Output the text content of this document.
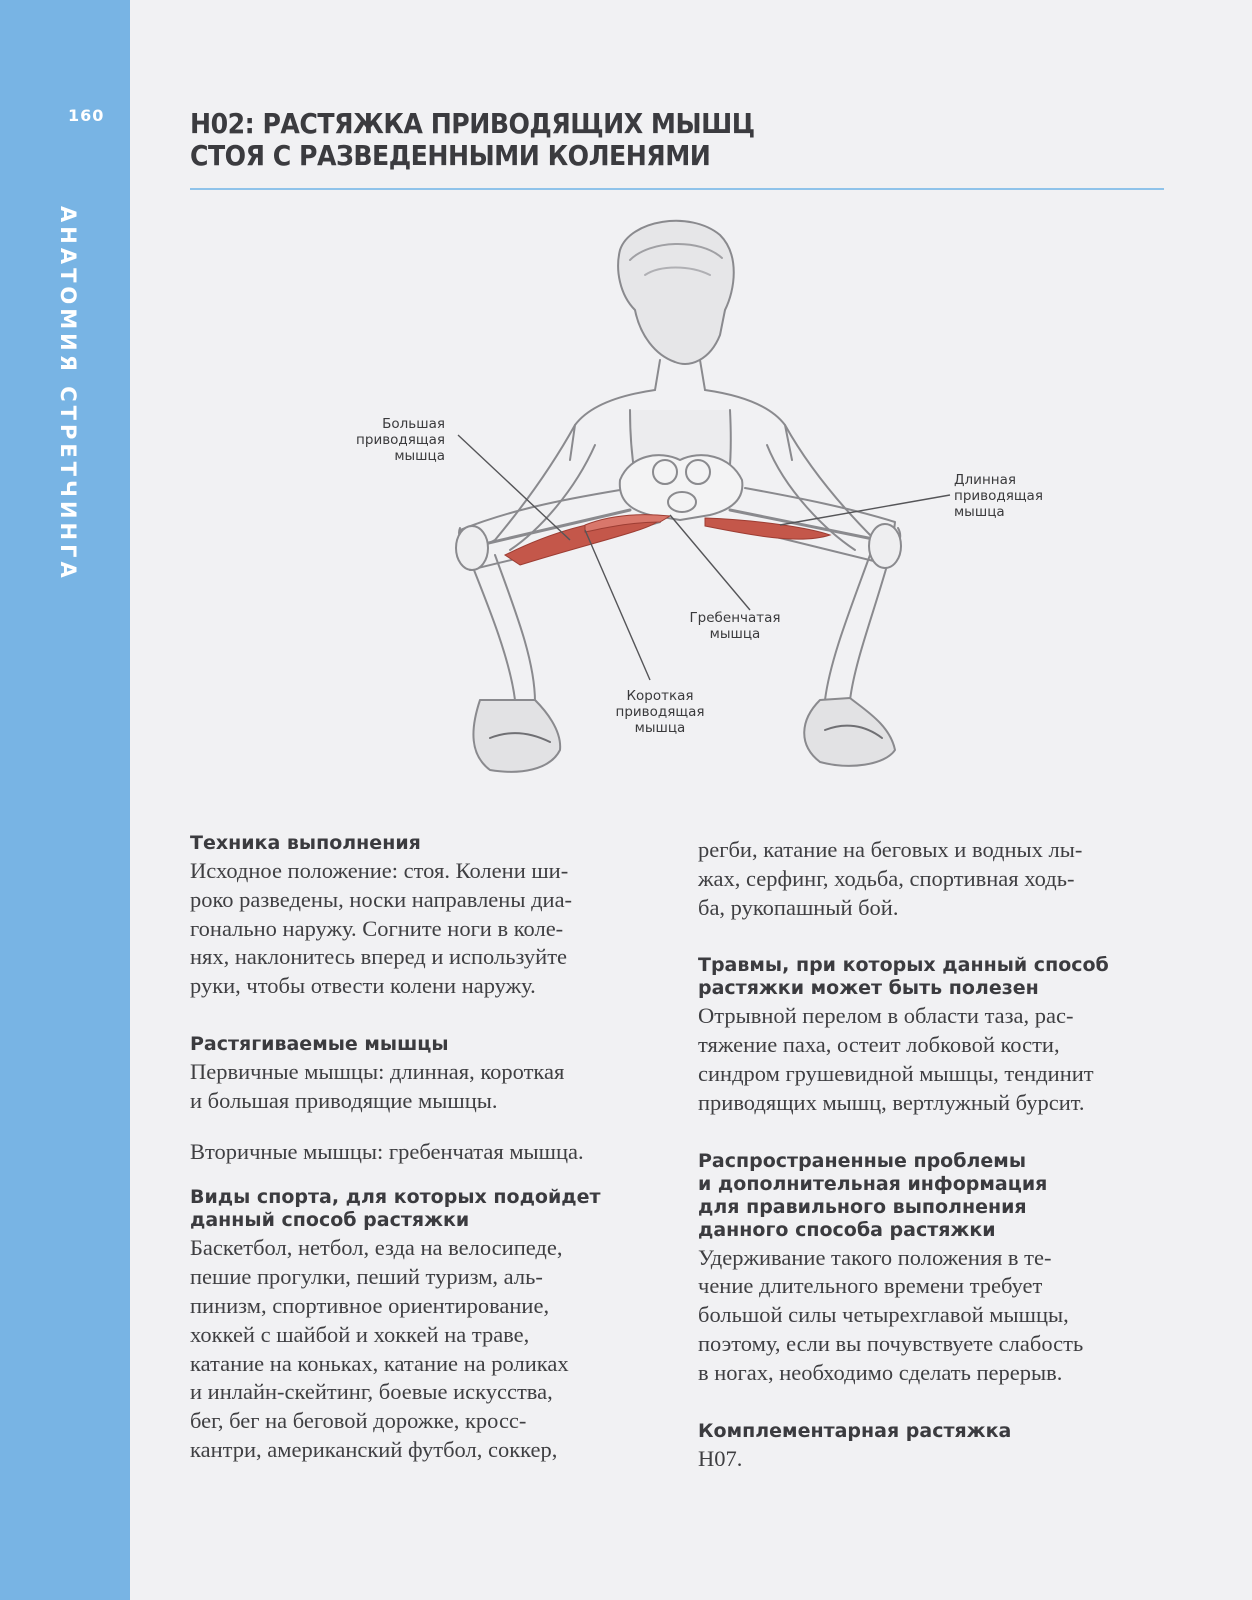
160
АНАТОМИЯ СТРЕТЧИНГА
H02: РАСТЯЖКА ПРИВОДЯЩИХ МЫШЦ
СТОЯ С РАЗВЕДЕННЫМИ КОЛЕНЯМИ
Большая
приводящая
мышца
Длинная
приводящая
мышца
Гребенчатая
мышца
Короткая
приводящая
мышца
Техника выполнения

Исходное положение: стоя. Колени ши-
роко разведены, носки направлены диа-
гонально наружу. Согните ноги в коле-
нях, наклонитесь вперед и используйте
руки, чтобы отвести колени наружу.

Растягиваемые мышцы

Первичные мышцы: длинная, короткая
и большая приводящие мышцы.

Вторичные мышцы: гребенчатая мышца.

Виды спорта, для которых подойдет
данный способ растяжки

Баскетбол, нетбол, езда на велосипеде,
пешие прогулки, пеший туризм, аль-
пинизм, спортивное ориентирование,
хоккей с шайбой и хоккей на траве,
катание на коньках, катание на роликах
и инлайн-скейтинг, боевые искусства,
бег, бег на беговой дорожке, кросс-
кантри, американский футбол, соккер,

регби, катание на беговых и водных лы-
жах, серфинг, ходьба, спортивная ходь-
ба, рукопашный бой.

Травмы, при которых данный способ
растяжки может быть полезен

Отрывной перелом в области таза, рас-
тяжение паха, остеит лобковой кости,
синдром грушевидной мышцы, тендинит
приводящих мышц, вертлужный бурсит.

Распространенные проблемы
и дополнительная информация
для правильного выполнения
данного способа растяжки

Удерживание такого положения в те-
чение длительного времени требует
большой силы четырехглавой мышцы,
поэтому, если вы почувствуете слабость
в ногах, необходимо сделать перерыв.

Комплементарная растяжка

H07.
